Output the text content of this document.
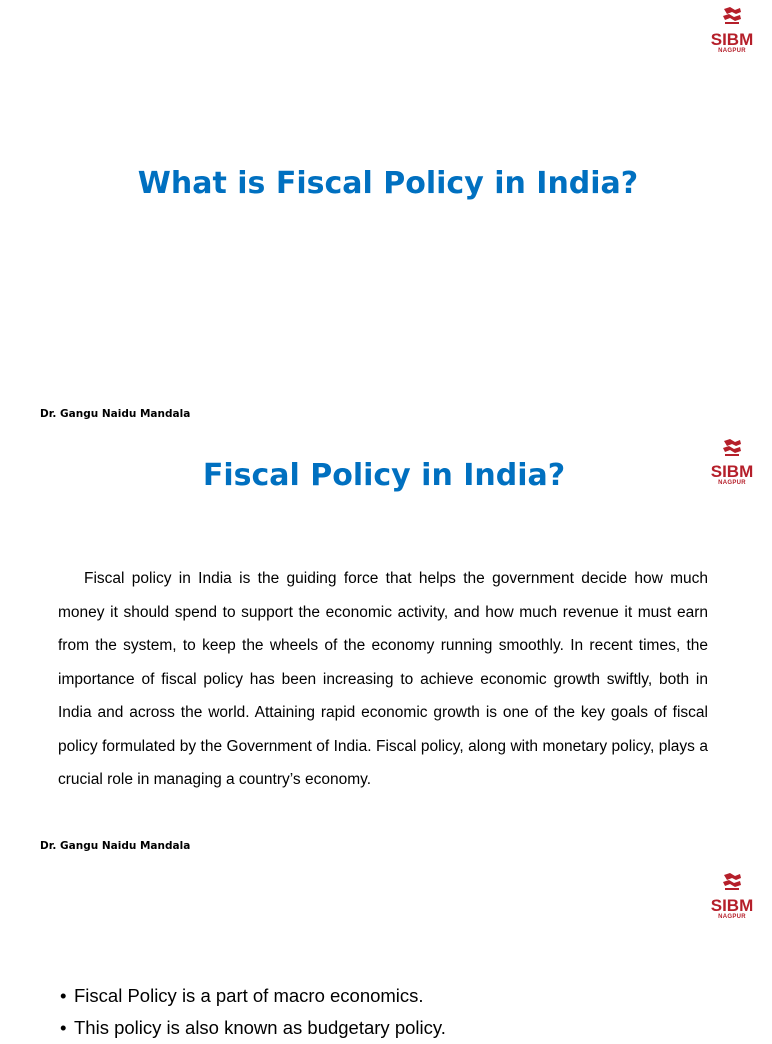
SIBM
NAGPUR
What is Fiscal Policy in India?

Dr. Gangu Naidu Mandala

SIBM
NAGPUR
Fiscal Policy in India?

Fiscal policy in India is the guiding force that helps the government decide how much money it should spend to support the economic activity, and how much revenue it must earn from the system, to keep the wheels of the economy running smoothly. In recent times, the importance of fiscal policy has been increasing to achieve economic growth swiftly, both in India and across the world. Attaining rapid economic growth is one of the key goals of fiscal policy formulated by the Government of India. Fiscal policy, along with monetary policy, plays a crucial role in managing a country’s economy.

Dr. Gangu Naidu Mandala

SIBM
NAGPUR
• Fiscal Policy is a part of macro economics.
• This policy is also known as budgetary policy.
